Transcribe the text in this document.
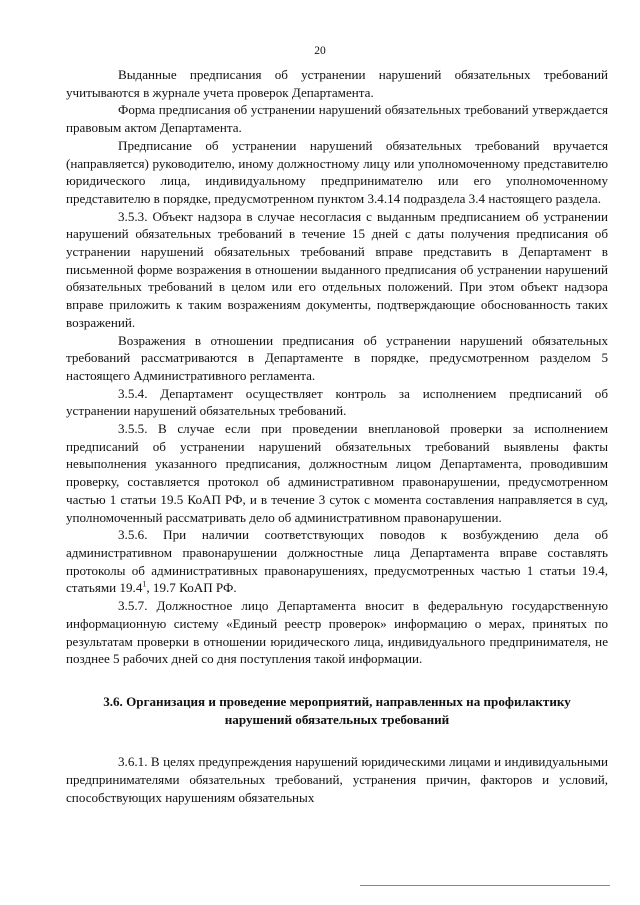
20

Выданные предписания об устранении нарушений обязательных требований учитываются в журнале учета проверок Департамента.

Форма предписания об устранении нарушений обязательных требований утверждается правовым актом Департамента.

Предписание об устранении нарушений обязательных требований вручается (направляется) руководителю, иному должностному лицу или уполномоченному представителю юридического лица, индивидуальному предпринимателю или его уполномоченному представителю в порядке, предусмотренном пунктом 3.4.14 подраздела 3.4 настоящего раздела.

3.5.3. Объект надзора в случае несогласия с выданным предписанием об устранении нарушений обязательных требований в течение 15 дней с даты получения предписания об устранении нарушений обязательных требований вправе представить в Департамент в письменной форме возражения в отношении выданного предписания об устранении нарушений обязательных требований в целом или его отдельных положений. При этом объект надзора вправе приложить к таким возражениям документы, подтверждающие обоснованность таких возражений.

Возражения в отношении предписания об устранении нарушений обязательных требований рассматриваются в Департаменте в порядке, предусмотренном разделом 5 настоящего Административного регламента.

3.5.4. Департамент осуществляет контроль за исполнением предписаний об устранении нарушений обязательных требований.

3.5.5. В случае если при проведении внеплановой проверки за исполнением предписаний об устранении нарушений обязательных требований выявлены факты невыполнения указанного предписания, должностным лицом Департамента, проводившим проверку, составляется протокол об административном правонарушении, предусмотренном частью 1 статьи 19.5 КоАП РФ, и в течение 3 суток с момента составления направляется в суд, уполномоченный рассматривать дело об административном правонарушении.

3.5.6. При наличии соответствующих поводов к возбуждению дела об административном правонарушении должностные лица Департамента вправе составлять протоколы об административных правонарушениях, предусмотренных частью 1 статьи 19.4, статьями 19.4$^1$, 19.7 КоАП РФ.

3.5.7. Должностное лицо Департамента вносит в федеральную государственную информационную систему «Единый реестр проверок» информацию о мерах, принятых по результатам проверки в отношении юридического лица, индивидуального предпринимателя, не позднее 5 рабочих дней со дня поступления такой информации.

3.6. Организация и проведение мероприятий, направленных на профилактику нарушений обязательных требований

3.6.1. В целях предупреждения нарушений юридическими лицами и индивидуальными предпринимателями обязательных требований, устранения причин, факторов и условий, способствующих нарушениям обязательных
